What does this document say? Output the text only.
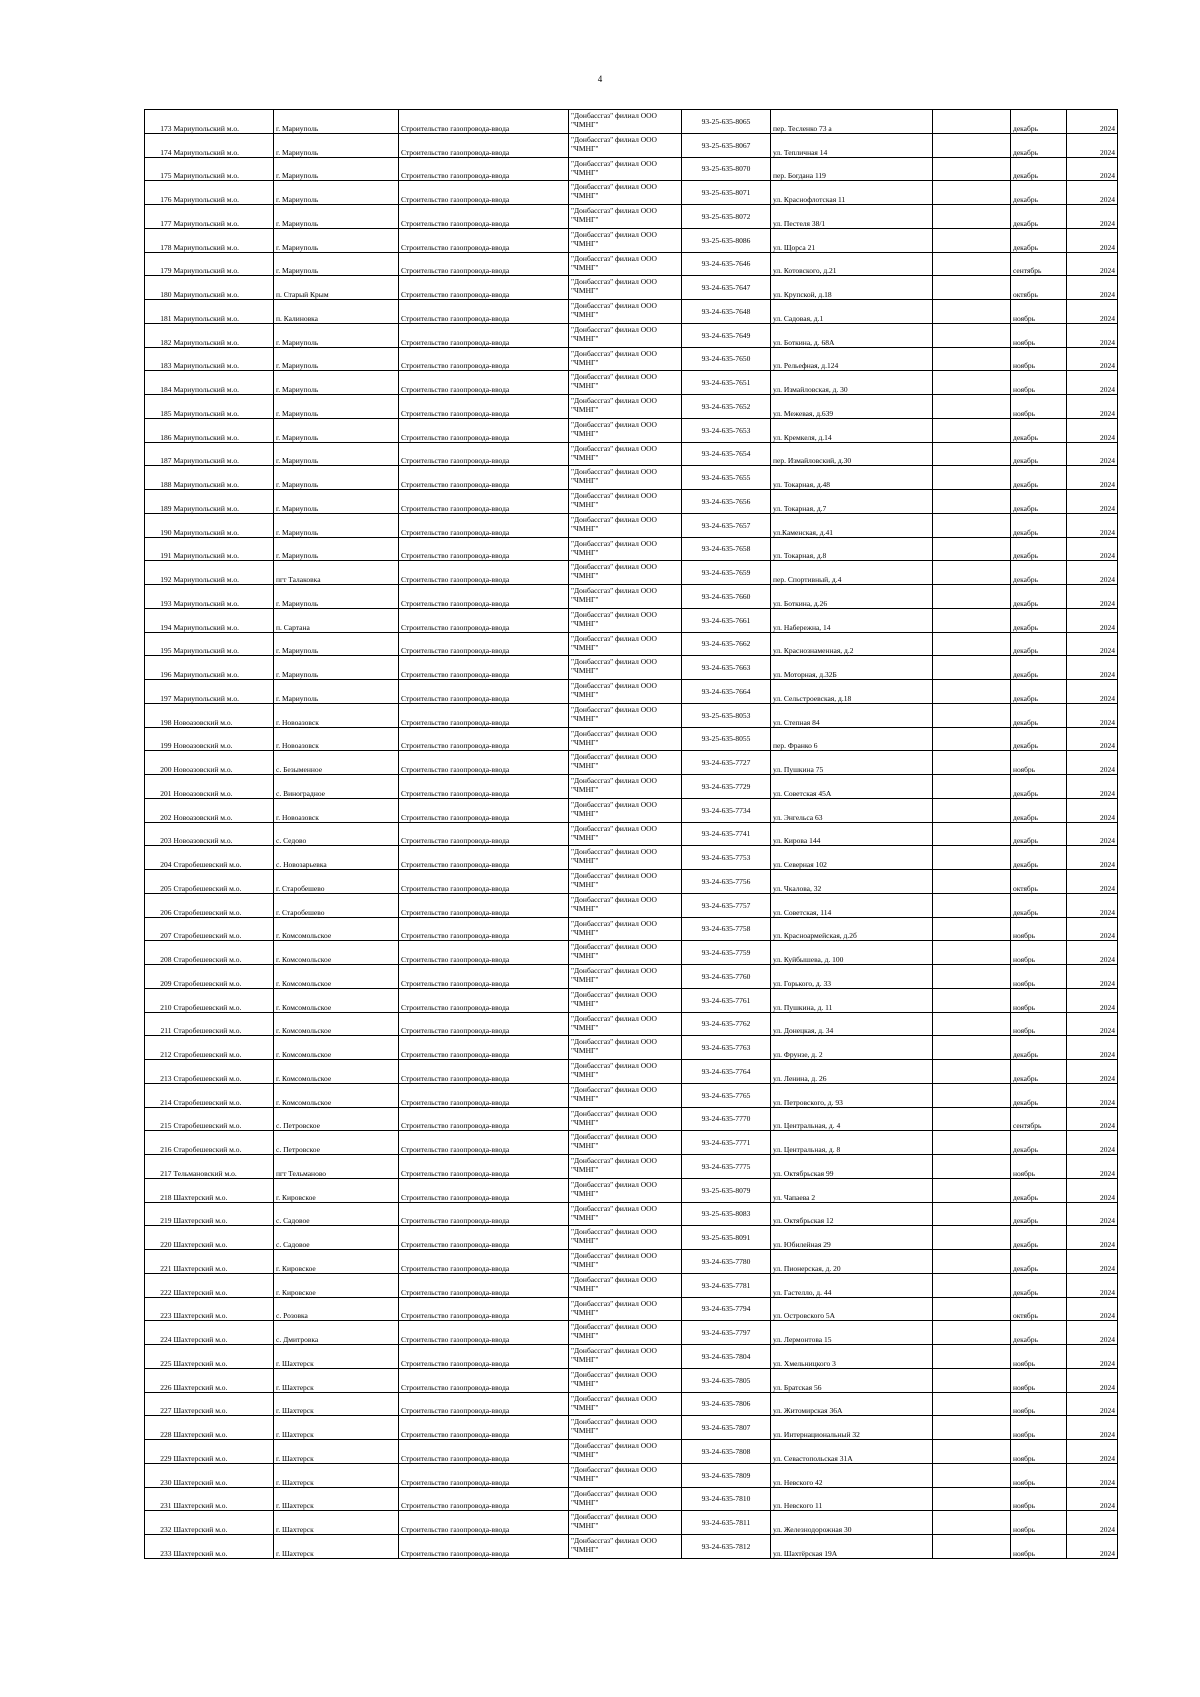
4
173	Мариупольский м.о.	г. Мариуполь	Строительство газопровода-ввода	"Донбассгаз" филиал ООО "ЧМНГ"	93-25-635-8065	пер. Тесленко 73 а		декабрь	2024
174	Мариупольский м.о.	г. Мариуполь	Строительство газопровода-ввода	"Донбассгаз" филиал ООО "ЧМНГ"	93-25-635-8067	ул. Тепличная 14		декабрь	2024
175	Мариупольский м.о.	г. Мариуполь	Строительство газопровода-ввода	"Донбассгаз" филиал ООО "ЧМНГ"	93-25-635-8070	пер. Богдана 119		декабрь	2024
176	Мариупольский м.о.	г. Мариуполь	Строительство газопровода-ввода	"Донбассгаз" филиал ООО "ЧМНГ"	93-25-635-8071	ул. Краснофлотская 11		декабрь	2024
177	Мариупольский м.о.	г. Мариуполь	Строительство газопровода-ввода	"Донбассгаз" филиал ООО "ЧМНГ"	93-25-635-8072	ул. Пестеля 38/1		декабрь	2024
178	Мариупольский м.о.	г. Мариуполь	Строительство газопровода-ввода	"Донбассгаз" филиал ООО "ЧМНГ"	93-25-635-8086	ул. Щорса 21		декабрь	2024
179	Мариупольский м.о.	г. Мариуполь	Строительство газопровода-ввода	"Донбассгаз" филиал ООО "ЧМНГ"	93-24-635-7646	ул. Котовского, д.21		сентябрь	2024
180	Мариупольский м.о.	п. Старый Крым	Строительство газопровода-ввода	"Донбассгаз" филиал ООО "ЧМНГ"	93-24-635-7647	ул. Крупской, д.18		октябрь	2024
181	Мариупольский м.о.	п. Калиновка	Строительство газопровода-ввода	"Донбассгаз" филиал ООО "ЧМНГ"	93-24-635-7648	ул. Садовая, д.1		ноябрь	2024
182	Мариупольский м.о.	г. Мариуполь	Строительство газопровода-ввода	"Донбассгаз" филиал ООО "ЧМНГ"	93-24-635-7649	ул. Боткина, д. 68А		ноябрь	2024
183	Мариупольский м.о.	г. Мариуполь	Строительство газопровода-ввода	"Донбассгаз" филиал ООО "ЧМНГ"	93-24-635-7650	ул. Рельефная, д.124		ноябрь	2024
184	Мариупольский м.о.	г. Мариуполь	Строительство газопровода-ввода	"Донбассгаз" филиал ООО "ЧМНГ"	93-24-635-7651	ул. Измайловская, д. 30		ноябрь	2024
185	Мариупольский м.о.	г. Мариуполь	Строительство газопровода-ввода	"Донбассгаз" филиал ООО "ЧМНГ"	93-24-635-7652	ул. Межевая, д.639		ноябрь	2024
186	Мариупольский м.о.	г. Мариуполь	Строительство газопровода-ввода	"Донбассгаз" филиал ООО "ЧМНГ"	93-24-635-7653	ул. Кремкеля, д.14		декабрь	2024
187	Мариупольский м.о.	г. Мариуполь	Строительство газопровода-ввода	"Донбассгаз" филиал ООО "ЧМНГ"	93-24-635-7654	пер. Измайловский, д.30		декабрь	2024
188	Мариупольский м.о.	г. Мариуполь	Строительство газопровода-ввода	"Донбассгаз" филиал ООО "ЧМНГ"	93-24-635-7655	ул. Токарная, д.48		декабрь	2024
189	Мариупольский м.о.	г. Мариуполь	Строительство газопровода-ввода	"Донбассгаз" филиал ООО "ЧМНГ"	93-24-635-7656	ул. Токарная, д.7		декабрь	2024
190	Мариупольский м.о.	г. Мариуполь	Строительство газопровода-ввода	"Донбассгаз" филиал ООО "ЧМНГ"	93-24-635-7657	ул.Каменская, д.41		декабрь	2024
191	Мариупольский м.о.	г. Мариуполь	Строительство газопровода-ввода	"Донбассгаз" филиал ООО "ЧМНГ"	93-24-635-7658	ул. Токарная, д.8		декабрь	2024
192	Мариупольский м.о.	пгт Талаковка	Строительство газопровода-ввода	"Донбассгаз" филиал ООО "ЧМНГ"	93-24-635-7659	пер. Спортивный, д.4		декабрь	2024
193	Мариупольский м.о.	г. Мариуполь	Строительство газопровода-ввода	"Донбассгаз" филиал ООО "ЧМНГ"	93-24-635-7660	ул. Боткина, д.26		декабрь	2024
194	Мариупольский м.о.	п. Сартана	Строительство газопровода-ввода	"Донбассгаз" филиал ООО "ЧМНГ"	93-24-635-7661	ул. Набережна, 14		декабрь	2024
195	Мариупольский м.о.	г. Мариуполь	Строительство газопровода-ввода	"Донбассгаз" филиал ООО "ЧМНГ"	93-24-635-7662	ул. Краснознаменная, д.2		декабрь	2024
196	Мариупольский м.о.	г. Мариуполь	Строительство газопровода-ввода	"Донбассгаз" филиал ООО "ЧМНГ"	93-24-635-7663	ул. Моторная, д.32Б		декабрь	2024
197	Мариупольский м.о.	г. Мариуполь	Строительство газопровода-ввода	"Донбассгаз" филиал ООО "ЧМНГ"	93-24-635-7664	ул. Сельстроевская, д.18		декабрь	2024
198	Новоазовский м.о.	г. Новоазовск	Строительство газопровода-ввода	"Донбассгаз" филиал ООО "ЧМНГ"	93-25-635-8053	ул. Степная 84		декабрь	2024
199	Новоазовский м.о.	г. Новоазовск	Строительство газопровода-ввода	"Донбассгаз" филиал ООО "ЧМНГ"	93-25-635-8055	пер. Франко 6		декабрь	2024
200	Новоазовский м.о.	с. Безыменное	Строительство газопровода-ввода	"Донбассгаз" филиал ООО "ЧМНГ"	93-24-635-7727	ул. Пушкина 75		ноябрь	2024
201	Новоазовский м.о.	с. Виноградное	Строительство газопровода-ввода	"Донбассгаз" филиал ООО "ЧМНГ"	93-24-635-7729	ул. Советская 45А		декабрь	2024
202	Новоазовский м.о.	г. Новоазовск	Строительство газопровода-ввода	"Донбассгаз" филиал ООО "ЧМНГ"	93-24-635-7734	ул. Энгельса 63		декабрь	2024
203	Новоазовский м.о.	с. Седово	Строительство газопровода-ввода	"Донбассгаз" филиал ООО "ЧМНГ"	93-24-635-7741	ул. Кирова 144		декабрь	2024
204	Старобешевский м.о.	с. Новозарьевка	Строительство газопровода-ввода	"Донбассгаз" филиал ООО "ЧМНГ"	93-24-635-7753	ул. Северная 102		декабрь	2024
205	Старобешевский м.о.	г. Старобешево	Строительство газопровода-ввода	"Донбассгаз" филиал ООО "ЧМНГ"	93-24-635-7756	ул. Чкалова, 32		октябрь	2024
206	Старобешевский м.о.	г. Старобешево	Строительство газопровода-ввода	"Донбассгаз" филиал ООО "ЧМНГ"	93-24-635-7757	ул. Советская, 114		декабрь	2024
207	Старобешевский м.о.	г. Комсомольское	Строительство газопровода-ввода	"Донбассгаз" филиал ООО "ЧМНГ"	93-24-635-7758	ул. Красноармейская, д.2б		ноябрь	2024
208	Старобешевский м.о.	г. Комсомольское	Строительство газопровода-ввода	"Донбассгаз" филиал ООО "ЧМНГ"	93-24-635-7759	ул. Куйбышева, д. 100		ноябрь	2024
209	Старобешевский м.о.	г. Комсомольское	Строительство газопровода-ввода	"Донбассгаз" филиал ООО "ЧМНГ"	93-24-635-7760	ул. Горького, д. 33		ноябрь	2024
210	Старобешевский м.о.	г. Комсомольское	Строительство газопровода-ввода	"Донбассгаз" филиал ООО "ЧМНГ"	93-24-635-7761	ул. Пушкина, д. 11		ноябрь	2024
211	Старобешевский м.о.	г. Комсомольское	Строительство газопровода-ввода	"Донбассгаз" филиал ООО "ЧМНГ"	93-24-635-7762	ул. Донецкая, д. 34		ноябрь	2024
212	Старобешевский м.о.	г. Комсомольское	Строительство газопровода-ввода	"Донбассгаз" филиал ООО "ЧМНГ"	93-24-635-7763	ул. Фрунзе, д. 2		декабрь	2024
213	Старобешевский м.о.	г. Комсомольское	Строительство газопровода-ввода	"Донбассгаз" филиал ООО "ЧМНГ"	93-24-635-7764	ул. Ленина, д. 26		декабрь	2024
214	Старобешевский м.о.	г. Комсомольское	Строительство газопровода-ввода	"Донбассгаз" филиал ООО "ЧМНГ"	93-24-635-7765	ул. Петровского, д. 93		декабрь	2024
215	Старобешевский м.о.	с. Петровское	Строительство газопровода-ввода	"Донбассгаз" филиал ООО "ЧМНГ"	93-24-635-7770	ул. Центральная, д. 4		сентябрь	2024
216	Старобешевский м.о.	с. Петровское	Строительство газопровода-ввода	"Донбассгаз" филиал ООО "ЧМНГ"	93-24-635-7771	ул. Центральная, д. 8		декабрь	2024
217	Тельмановский м.о.	пгт Тельманово	Строительство газопровода-ввода	"Донбассгаз" филиал ООО "ЧМНГ"	93-24-635-7775	ул. Октябрьская 99		ноябрь	2024
218	Шахтерский м.о.	г. Кировское	Строительство газопровода-ввода	"Донбассгаз" филиал ООО "ЧМНГ"	93-25-635-8079	ул. Чапаева 2		декабрь	2024
219	Шахтерский м.о.	с. Садовое	Строительство газопровода-ввода	"Донбассгаз" филиал ООО "ЧМНГ"	93-25-635-8083	ул. Октябрьская 12		декабрь	2024
220	Шахтерский м.о.	с. Садовое	Строительство газопровода-ввода	"Донбассгаз" филиал ООО "ЧМНГ"	93-25-635-8091	ул. Юбилейная 29		декабрь	2024
221	Шахтерский м.о.	г. Кировское	Строительство газопровода-ввода	"Донбассгаз" филиал ООО "ЧМНГ"	93-24-635-7780	ул. Пионерская, д. 20		декабрь	2024
222	Шахтерский м.о.	г. Кировское	Строительство газопровода-ввода	"Донбассгаз" филиал ООО "ЧМНГ"	93-24-635-7781	ул. Гастелло, д. 44		декабрь	2024
223	Шахтерский м.о.	с. Розовка	Строительство газопровода-ввода	"Донбассгаз" филиал ООО "ЧМНГ"	93-24-635-7794	ул. Островского 5А		октябрь	2024
224	Шахтерский м.о.	с. Дмитровка	Строительство газопровода-ввода	"Донбассгаз" филиал ООО "ЧМНГ"	93-24-635-7797	ул. Лермонтова 15		декабрь	2024
225	Шахтерский м.о.	г. Шахтерск	Строительство газопровода-ввода	"Донбассгаз" филиал ООО "ЧМНГ"	93-24-635-7804	ул. Хмельницкого 3		ноябрь	2024
226	Шахтерский м.о.	г. Шахтерск	Строительство газопровода-ввода	"Донбассгаз" филиал ООО "ЧМНГ"	93-24-635-7805	ул. Братская 56		ноябрь	2024
227	Шахтерский м.о.	г. Шахтерск	Строительство газопровода-ввода	"Донбассгаз" филиал ООО "ЧМНГ"	93-24-635-7806	ул. Житомирская 36А		ноябрь	2024
228	Шахтерский м.о.	г. Шахтерск	Строительство газопровода-ввода	"Донбассгаз" филиал ООО "ЧМНГ"	93-24-635-7807	ул. Интернациональный 32		ноябрь	2024
229	Шахтерский м.о.	г. Шахтерск	Строительство газопровода-ввода	"Донбассгаз" филиал ООО "ЧМНГ"	93-24-635-7808	ул. Севастопольская 31А		ноябрь	2024
230	Шахтерский м.о.	г. Шахтерск	Строительство газопровода-ввода	"Донбассгаз" филиал ООО "ЧМНГ"	93-24-635-7809	ул. Невского 42		ноябрь	2024
231	Шахтерский м.о.	г. Шахтерск	Строительство газопровода-ввода	"Донбассгаз" филиал ООО "ЧМНГ"	93-24-635-7810	ул. Невского 11		ноябрь	2024
232	Шахтерский м.о.	г. Шахтерск	Строительство газопровода-ввода	"Донбассгаз" филиал ООО "ЧМНГ"	93-24-635-7811	ул. Железнодорожная 30		ноябрь	2024
233	Шахтерский м.о.	г. Шахтерск	Строительство газопровода-ввода	"Донбассгаз" филиал ООО "ЧМНГ"	93-24-635-7812	ул. Шахтёрская 19А		ноябрь	2024
